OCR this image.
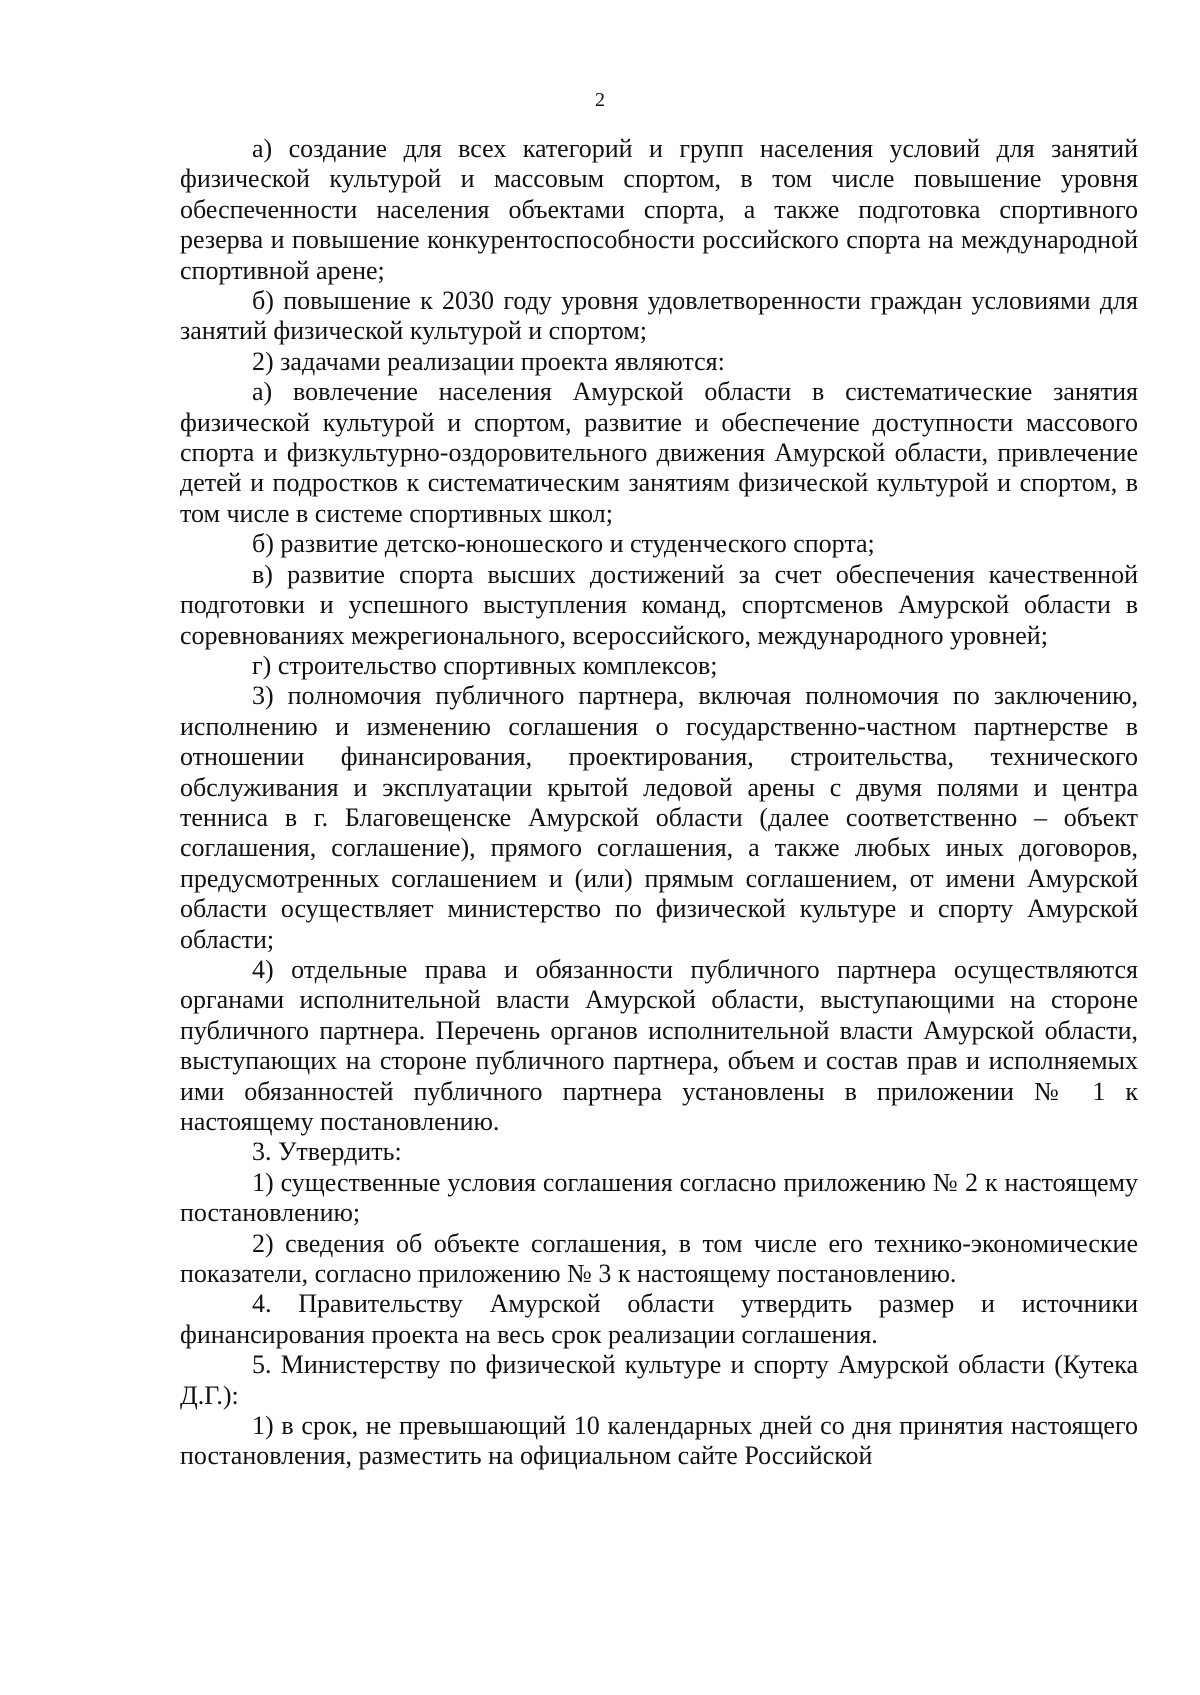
2

а) создание для всех категорий и групп населения условий для занятий физической культурой и массовым спортом, в том числе повышение уровня обеспеченности населения объектами спорта, а также подготовка спортивного резерва и повышение конкурентоспособности российского спорта на международной спортивной арене;

б) повышение к 2030 году уровня удовлетворенности граждан условиями для занятий физической культурой и спортом;

2) задачами реализации проекта являются:

а) вовлечение населения Амурской области в систематические занятия физической культурой и спортом, развитие и обеспечение доступности массового спорта и физкультурно-оздоровительного движения Амурской области, привлечение детей и подростков к систематическим занятиям физической культурой и спортом, в том числе в системе спортивных школ;

б) развитие детско-юношеского и студенческого спорта;

в) развитие спорта высших достижений за счет обеспечения качественной подготовки и успешного выступления команд, спортсменов Амурской области в соревнованиях межрегионального, всероссийского, международного уровней;

г) строительство спортивных комплексов;

3) полномочия публичного партнера, включая полномочия по заключению, исполнению и изменению соглашения о государственно-частном партнерстве в отношении финансирования, проектирования, строительства, технического обслуживания и эксплуатации крытой ледовой арены с двумя полями и центра тенниса в г. Благовещенске Амурской области (далее соответственно – объект соглашения, соглашение), прямого соглашения, а также любых иных договоров, предусмотренных соглашением и (или) прямым соглашением, от имени Амурской области осуществляет министерство по физической культуре и спорту Амурской области;

4) отдельные права и обязанности публичного партнера осуществляются органами исполнительной власти Амурской области, выступающими на стороне публичного партнера. Перечень органов исполнительной власти Амурской области, выступающих на стороне публичного партнера, объем и состав прав и исполняемых ими обязанностей публичного партнера установлены в приложении № 1 к настоящему постановлению.

3. Утвердить:

1) существенные условия соглашения согласно приложению № 2 к настоящему постановлению;

2) сведения об объекте соглашения, в том числе его технико-экономические показатели, согласно приложению № 3 к настоящему постановлению.

4. Правительству Амурской области утвердить размер и источники финансирования проекта на весь срок реализации соглашения.

5. Министерству по физической культуре и спорту Амурской области (Кутека Д.Г.):

1) в срок, не превышающий 10 календарных дней со дня принятия настоящего постановления, разместить на официальном сайте Российской
